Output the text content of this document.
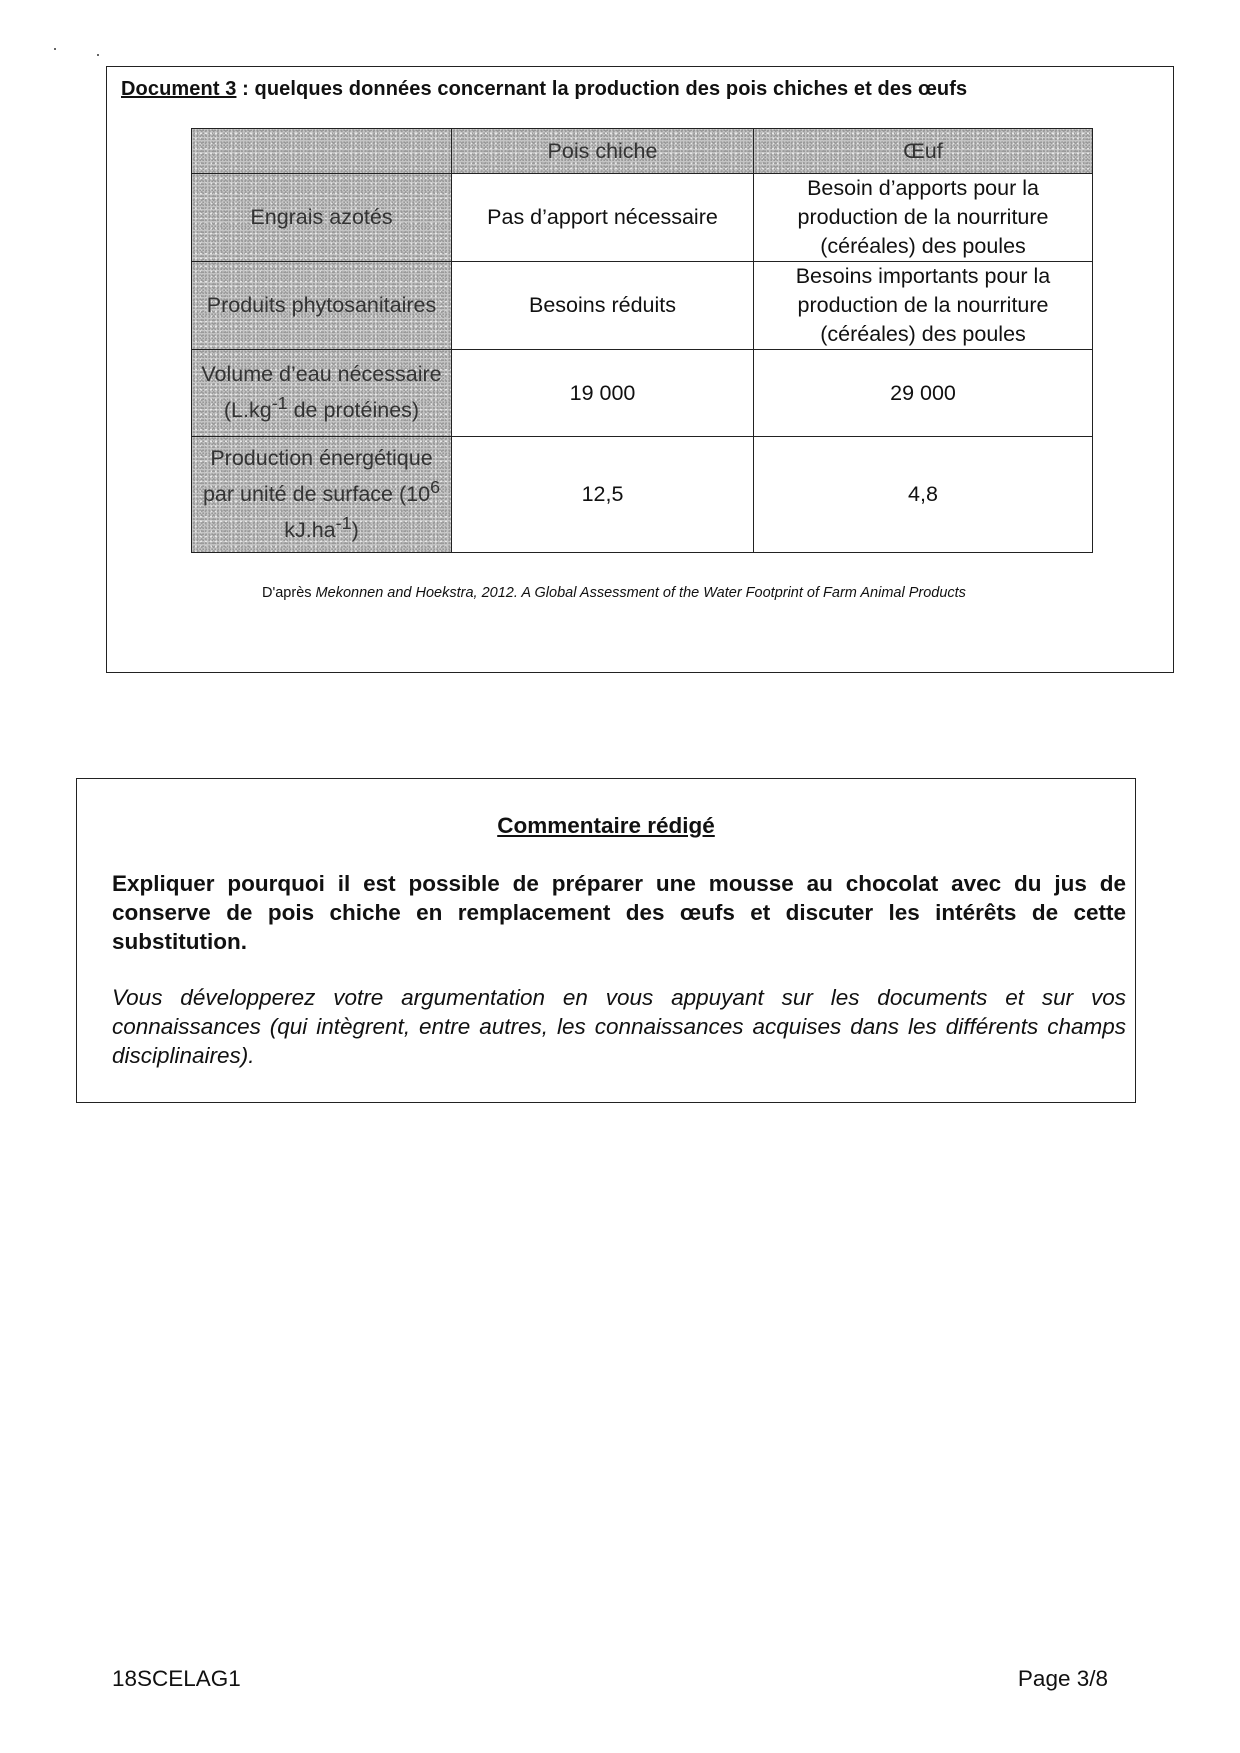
Document 3 : quelques données concernant la production des pois chiches et des œufs
	Pois chiche	Œuf
Engrais azotés	Pas d’apport nécessaire	Besoin d’apports pour la production de la nourriture (céréales) des poules
Produits phytosanitaires	Besoins réduits	Besoins importants pour la production de la nourriture (céréales) des poules
Volume d’eau nécessaire ($L.kg^{-1}$ de protéines)	19 000	29 000
Production énergétique par unité de surface ($10^6$ $kJ.ha^{-1}$)	12,5	4,8
D'après Mekonnen and Hoekstra, 2012. A Global Assessment of the Water Footprint of Farm Animal Products
Commentaire rédigé

Expliquer pourquoi il est possible de préparer une mousse au chocolat avec du jus de conserve de pois chiche en remplacement des œufs et discuter les intérêts de cette substitution.

Vous développerez votre argumentation en vous appuyant sur les documents et sur vos connaissances (qui intègrent, entre autres, les connaissances acquises dans les différents champs disciplinaires).

18SCELAG1	Page 3/8
